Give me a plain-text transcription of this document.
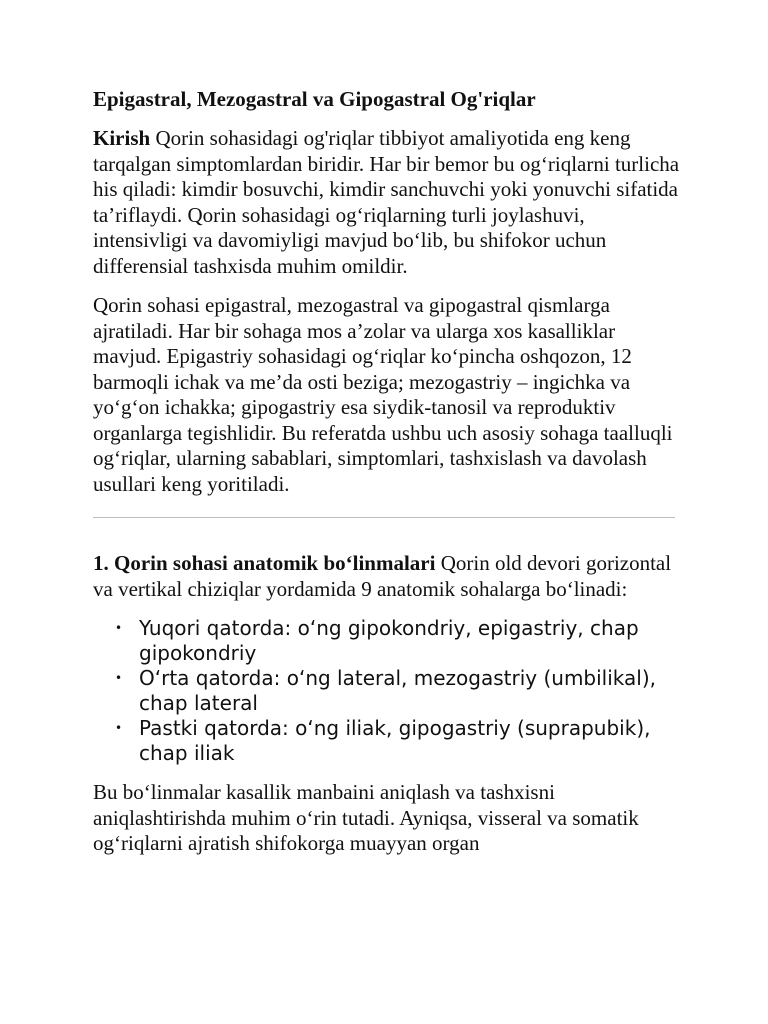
Epigastral, Mezogastral va Gipogastral Og'riqlar

Kirish Qorin sohasidagi og'riqlar tibbiyot amaliyotida eng keng tarqalgan simptomlardan biridir. Har bir bemor bu og‘riqlarni turlicha his qiladi: kimdir bosuvchi, kimdir sanchuvchi yoki yonuvchi sifatida ta’riflaydi. Qorin sohasidagi og‘riqlarning turli joylashuvi, intensivligi va davomiyligi mavjud bo‘lib, bu shifokor uchun differensial tashxisda muhim omildir.

Qorin sohasi epigastral, mezogastral va gipogastral qismlarga ajratiladi. Har bir sohaga mos a’zolar va ularga xos kasalliklar mavjud. Epigastriy sohasidagi og‘riqlar ko‘pincha oshqozon, 12 barmoqli ichak va me’da osti beziga; mezogastriy – ingichka va yo‘g‘on ichakka; gipogastriy esa siydik-tanosil va reproduktiv organlarga tegishlidir. Bu referatda ushbu uch asosiy sohaga taalluqli og‘riqlar, ularning sabablari, simptomlari, tashxislash va davolash usullari keng yoritiladi.

1. Qorin sohasi anatomik bo‘linmalari Qorin old devori gorizontal va vertikal chiziqlar yordamida 9 anatomik sohalarga bo‘linadi:

• Yuqori qatorda: o‘ng gipokondriy, epigastriy, chap gipokondriy
• O‘rta qatorda: o‘ng lateral, mezogastriy (umbilikal), chap lateral
• Pastki qatorda: o‘ng iliak, gipogastriy (suprapubik), chap iliak

Bu bo‘linmalar kasallik manbaini aniqlash va tashxisni aniqlashtirishda muhim o‘rin tutadi. Ayniqsa, visseral va somatik og‘riqlarni ajratish shifokorga muayyan organ
